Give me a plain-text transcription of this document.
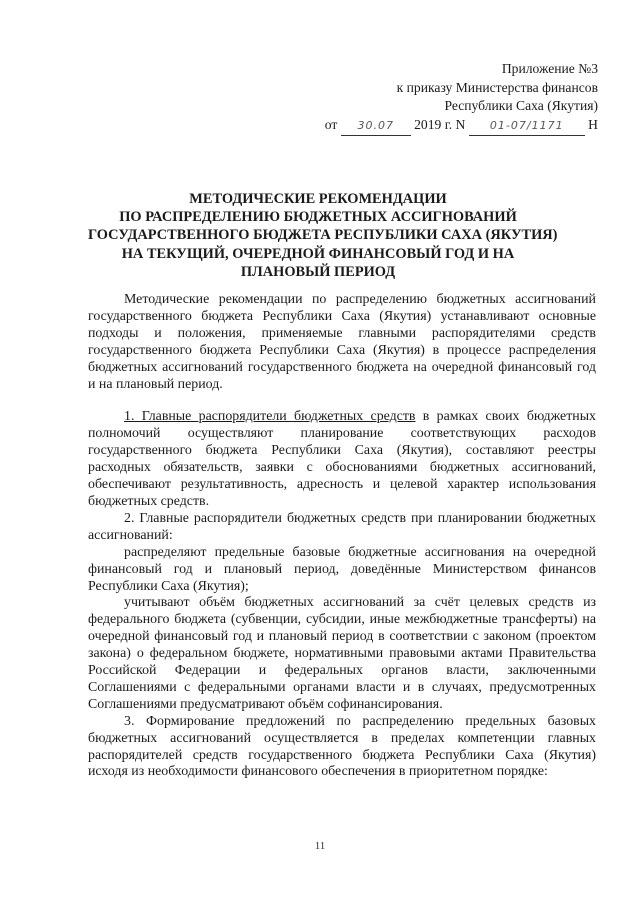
Приложение №3
к приказу Министерства финансов
Республики Саха (Якутия)
от 30.07 2019 г. N 01-07/1171 Н
МЕТОДИЧЕСКИЕ РЕКОМЕНДАЦИИ
ПО РАСПРЕДЕЛЕНИЮ БЮДЖЕТНЫХ АССИГНОВАНИЙ
ГОСУДАРСТВЕННОГО БЮДЖЕТА РЕСПУБЛИКИ САХА (ЯКУТИЯ)
НА ТЕКУЩИЙ, ОЧЕРЕДНОЙ ФИНАНСОВЫЙ ГОД И НА
ПЛАНОВЫЙ ПЕРИОД

Методические рекомендации по распределению бюджетных ассигнований государственного бюджета Республики Саха (Якутия) устанавливают основные подходы и положения, применяемые главными распорядителями средств государственного бюджета Республики Саха (Якутия) в процессе распределения бюджетных ассигнований государственного бюджета на очередной финансовый год и на плановый период.

1. Главные распорядители бюджетных средств в рамках своих бюджетных полномочий осуществляют планирование соответствующих расходов государственного бюджета Республики Саха (Якутия), составляют реестры расходных обязательств, заявки с обоснованиями бюджетных ассигнований, обеспечивают результативность, адресность и целевой характер использования бюджетных средств.

2. Главные распорядители бюджетных средств при планировании бюджетных ассигнований:

распределяют предельные базовые бюджетные ассигнования на очередной финансовый год и плановый период, доведённые Министерством финансов Республики Саха (Якутия);

учитывают объём бюджетных ассигнований за счёт целевых средств из федерального бюджета (субвенции, субсидии, иные межбюджетные трансферты) на очередной финансовый год и плановый период в соответствии с законом (проектом закона) о федеральном бюджете, нормативными правовыми актами Правительства Российской Федерации и федеральных органов власти, заключенными Соглашениями с федеральными органами власти и в случаях, предусмотренных Соглашениями предусматривают объём софинансирования.

3. Формирование предложений по распределению предельных базовых бюджетных ассигнований осуществляется в пределах компетенции главных распорядителей средств государственного бюджета Республики Саха (Якутия) исходя из необходимости финансового обеспечения в приоритетном порядке:

11
